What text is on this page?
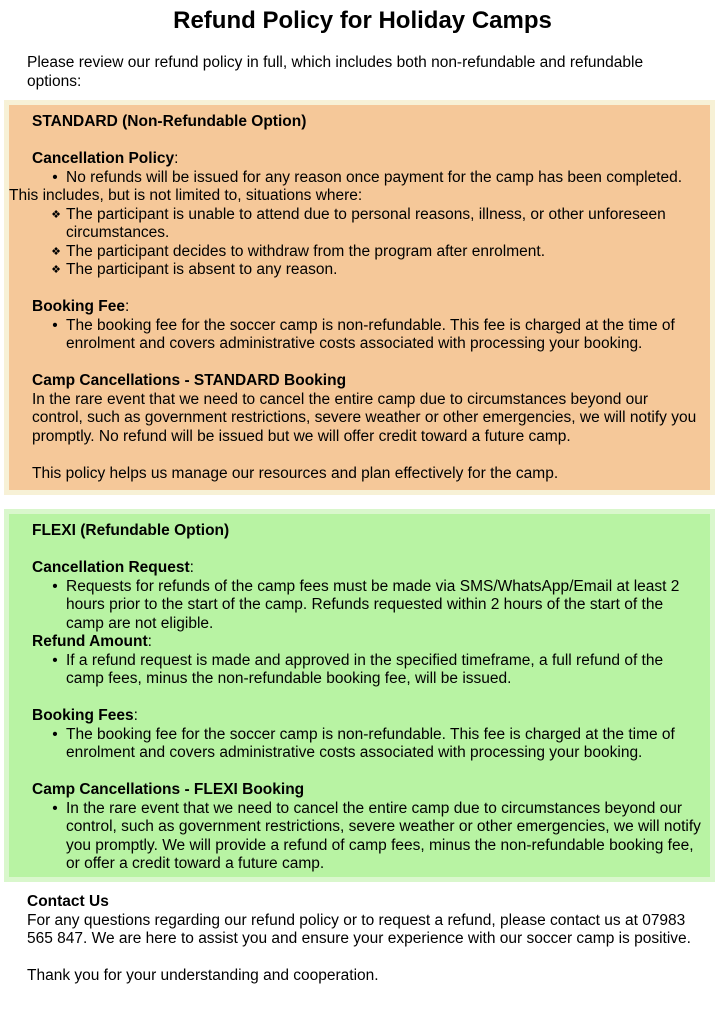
Refund Policy for Holiday Camps
Please review our refund policy in full, which includes both non-refundable and refundable options:
STANDARD (Non-Refundable Option)
Cancellation Policy:
• No refunds will be issued for any reason once payment for the camp has been completed.
This includes, but is not limited to, situations where:
❖ The participant is unable to attend due to personal reasons, illness, or other unforeseen circumstances.
❖ The participant decides to withdraw from the program after enrolment.
❖ The participant is absent to any reason.
Booking Fee:
• The booking fee for the soccer camp is non-refundable. This fee is charged at the time of enrolment and covers administrative costs associated with processing your booking.
Camp Cancellations - STANDARD Booking
In the rare event that we need to cancel the entire camp due to circumstances beyond our control, such as government restrictions, severe weather or other emergencies, we will notify you promptly. No refund will be issued but we will offer credit toward a future camp.
This policy helps us manage our resources and plan effectively for the camp.
FLEXI (Refundable Option)
Cancellation Request:
• Requests for refunds of the camp fees must be made via SMS/WhatsApp/Email at least 2 hours prior to the start of the camp. Refunds requested within 2 hours of the start of the camp are not eligible.
Refund Amount:
• If a refund request is made and approved in the specified timeframe, a full refund of the camp fees, minus the non-refundable booking fee, will be issued.
Booking Fees:
• The booking fee for the soccer camp is non-refundable. This fee is charged at the time of enrolment and covers administrative costs associated with processing your booking.
Camp Cancellations - FLEXI Booking
• In the rare event that we need to cancel the entire camp due to circumstances beyond our control, such as government restrictions, severe weather or other emergencies, we will notify you promptly. We will provide a refund of camp fees, minus the non-refundable booking fee, or offer a credit toward a future camp.
Contact Us
For any questions regarding our refund policy or to request a refund, please contact us at 07983 565 847. We are here to assist you and ensure your experience with our soccer camp is positive.
Thank you for your understanding and cooperation.
